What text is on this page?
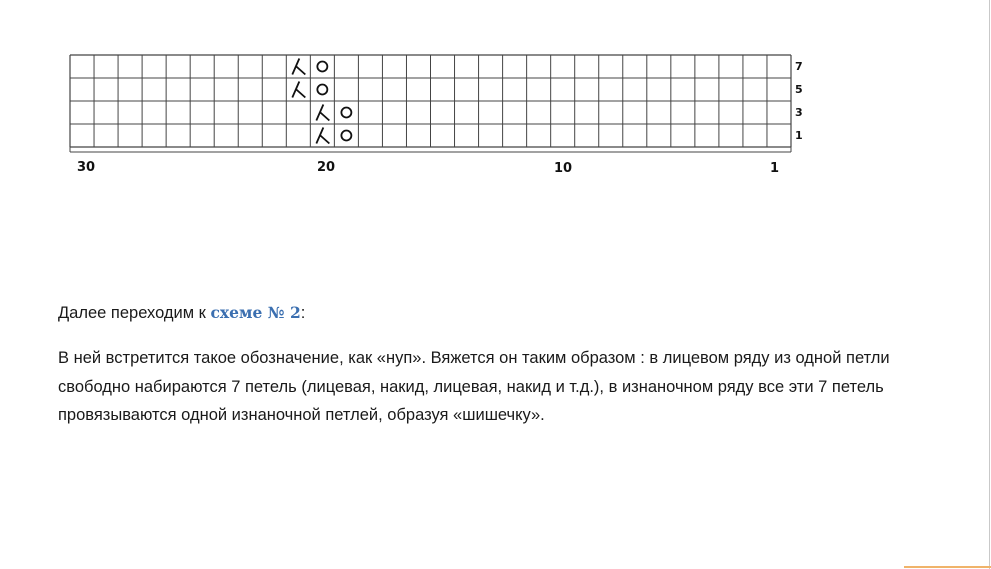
7
5
3
1
30	20	10	1

Далее переходим к схеме № 2:

В ней встретится такое обозначение, как «нуп». Вяжется он таким образом : в лицевом ряду из одной петли свободно набираются 7 петель (лицевая, накид, лицевая, накид и т.д.), в изнаночном ряду все эти 7 петель провязываются одной изнаночной петлей, образуя «шишечку».
